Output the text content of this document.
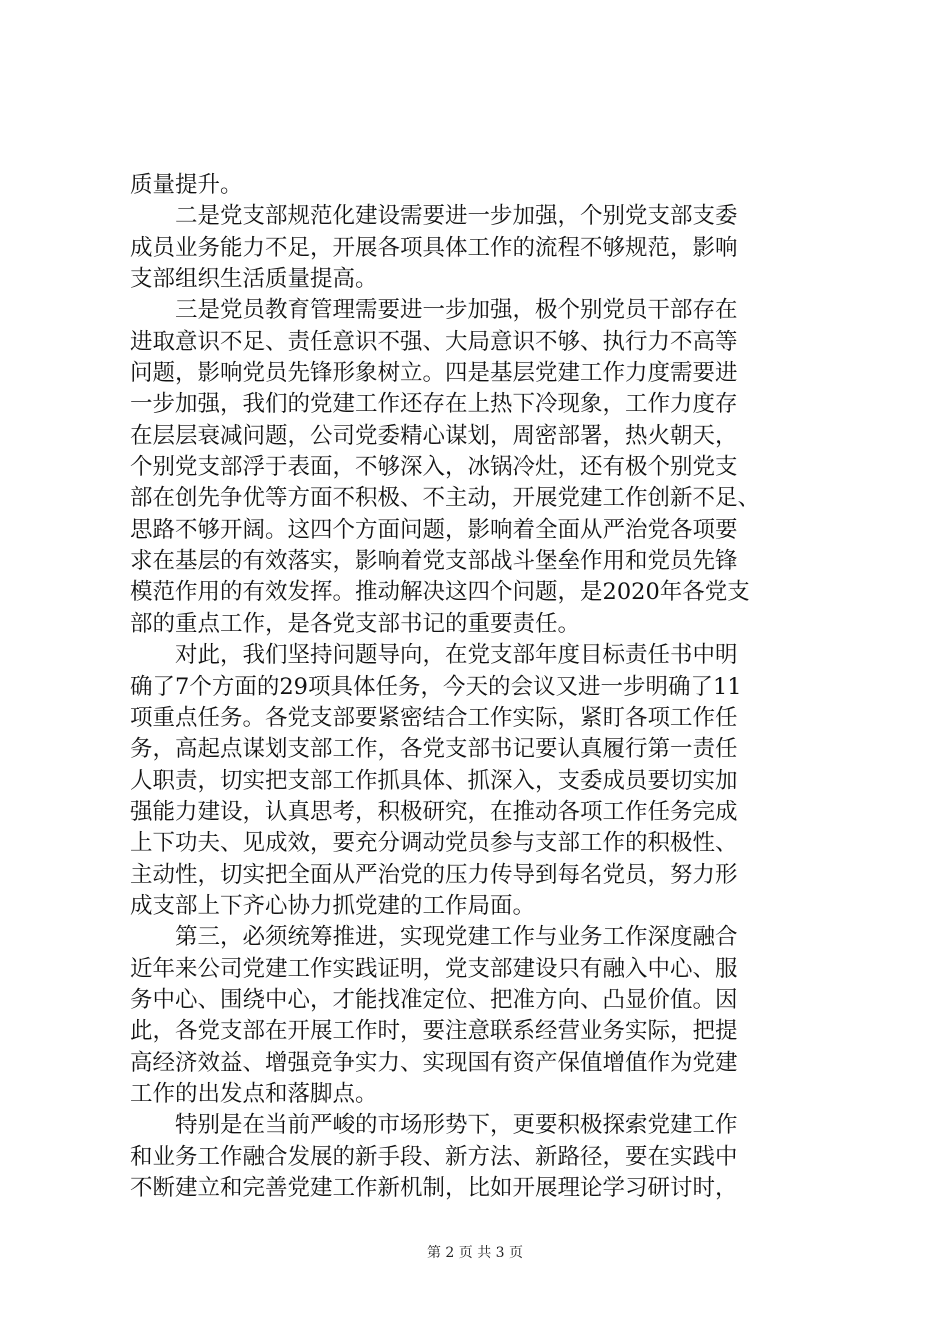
质量提升。
二是党支部规范化建设需要进一步加强，个别党支部支委
成员业务能力不足，开展各项具体工作的流程不够规范，影响
支部组织生活质量提高。
三是党员教育管理需要进一步加强，极个别党员干部存在
进取意识不足、责任意识不强、大局意识不够、执行力不高等
问题，影响党员先锋形象树立。四是基层党建工作力度需要进
一步加强，我们的党建工作还存在上热下冷现象，工作力度存
在层层衰减问题，公司党委精心谋划，周密部署，热火朝天，
个别党支部浮于表面，不够深入，冰锅冷灶，还有极个别党支
部在创先争优等方面不积极、不主动，开展党建工作创新不足、
思路不够开阔。这四个方面问题，影响着全面从严治党各项要
求在基层的有效落实，影响着党支部战斗堡垒作用和党员先锋
模范作用的有效发挥。推动解决这四个问题，是2020年各党支
部的重点工作，是各党支部书记的重要责任。
对此，我们坚持问题导向，在党支部年度目标责任书中明
确了7个方面的29项具体任务，今天的会议又进一步明确了11
项重点任务。各党支部要紧密结合工作实际，紧盯各项工作任
务，高起点谋划支部工作，各党支部书记要认真履行第一责任
人职责，切实把支部工作抓具体、抓深入，支委成员要切实加
强能力建设，认真思考，积极研究，在推动各项工作任务完成
上下功夫、见成效，要充分调动党员参与支部工作的积极性、
主动性，切实把全面从严治党的压力传导到每名党员，努力形
成支部上下齐心协力抓党建的工作局面。
第三，必须统筹推进，实现党建工作与业务工作深度融合
近年来公司党建工作实践证明，党支部建设只有融入中心、服
务中心、围绕中心，才能找准定位、把准方向、凸显价值。因
此，各党支部在开展工作时，要注意联系经营业务实际，把提
高经济效益、增强竞争实力、实现国有资产保值增值作为党建
工作的出发点和落脚点。
特别是在当前严峻的市场形势下，更要积极探索党建工作
和业务工作融合发展的新手段、新方法、新路径，要在实践中
不断建立和完善党建工作新机制，比如开展理论学习研讨时，
第 2 页 共 3 页
